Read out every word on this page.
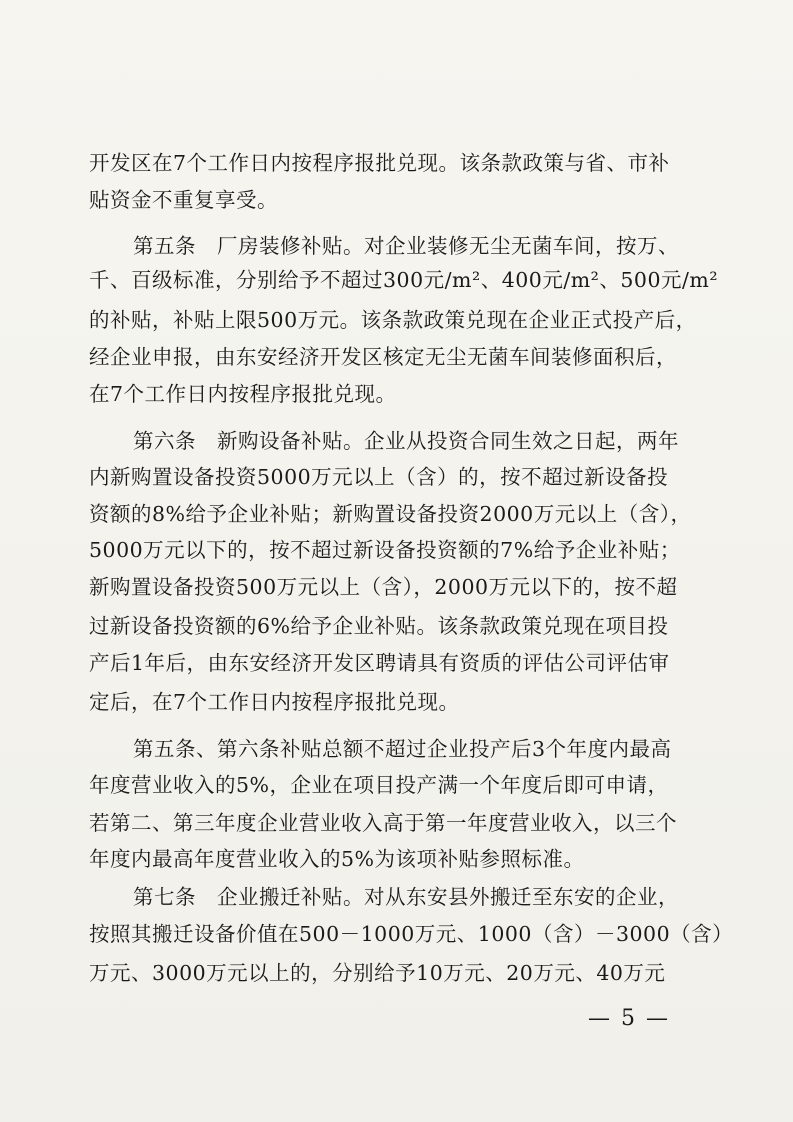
开发区在7个工作日内按程序报批兑现。该条款政策与省、市补
贴资金不重复享受。
第五条　厂房装修补贴。对企业装修无尘无菌车间，按万、
千、百级标准，分别给予不超过300元/m²、400元/m²、500元/m²
的补贴，补贴上限500万元。该条款政策兑现在企业正式投产后，
经企业申报，由东安经济开发区核定无尘无菌车间装修面积后，
在7个工作日内按程序报批兑现。
第六条　新购设备补贴。企业从投资合同生效之日起，两年
内新购置设备投资5000万元以上（含）的，按不超过新设备投
资额的8%给予企业补贴；新购置设备投资2000万元以上（含），
5000万元以下的，按不超过新设备投资额的7%给予企业补贴；
新购置设备投资500万元以上（含），2000万元以下的，按不超
过新设备投资额的6%给予企业补贴。该条款政策兑现在项目投
产后1年后，由东安经济开发区聘请具有资质的评估公司评估审
定后，在7个工作日内按程序报批兑现。
第五条、第六条补贴总额不超过企业投产后3个年度内最高
年度营业收入的5%，企业在项目投产满一个年度后即可申请，
若第二、第三年度企业营业收入高于第一年度营业收入，以三个
年度内最高年度营业收入的5%为该项补贴参照标准。
第七条　企业搬迁补贴。对从东安县外搬迁至东安的企业，
按照其搬迁设备价值在500－1000万元、1000（含）－3000（含）
万元、3000万元以上的，分别给予10万元、20万元、40万元
— 5 —
